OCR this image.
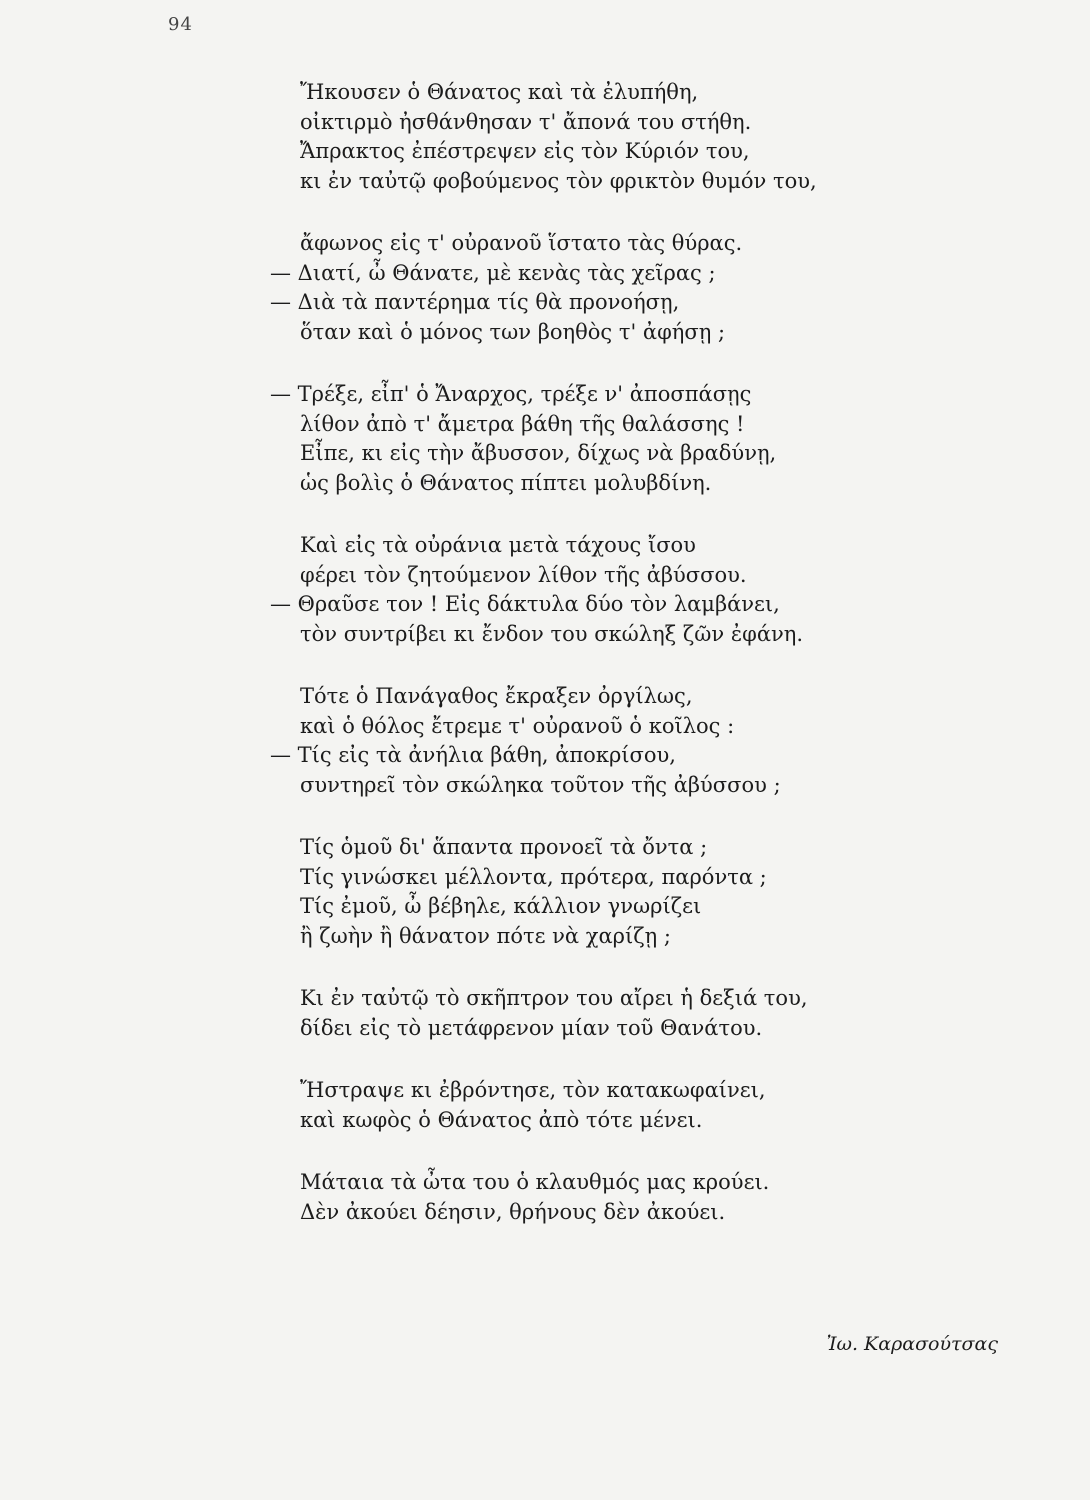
94
Ἤκουσεν ὁ Θάνατος καὶ τὰ ἐλυπήθη,
οἰκτιρμὸ ἠσθάνθησαν τ' ἄπονά του στήθη.
Ἄπρακτος ἐπέστρεψεν εἰς τὸν Κύριόν του,
κι ἐν ταὐτῷ φοβούμενος τὸν φρικτὸν θυμόν του,
ἄφωνος εἰς τ' οὐρανοῦ ἵστατο τὰς θύρας.
— Διατί, ὦ Θάνατε, μὲ κενὰς τὰς χεῖρας ;
— Διὰ τὰ παντέρημα τίς θὰ προνοήσῃ,
ὅταν καὶ ὁ μόνος των βοηθὸς τ' ἀφήσῃ ;
— Τρέξε, εἶπ' ὁ Ἄναρχος, τρέξε ν' ἀποσπάσῃς
λίθον ἀπὸ τ' ἄμετρα βάθη τῆς θαλάσσης !
Εἶπε, κι εἰς τὴν ἄβυσσον, δίχως νὰ βραδύνῃ,
ὡς βολὶς ὁ Θάνατος πίπτει μολυβδίνη.
Καὶ εἰς τὰ οὐράνια μετὰ τάχους ἴσου
φέρει τὸν ζητούμενον λίθον τῆς ἀβύσσου.
— Θραῦσε τον ! Εἰς δάκτυλα δύο τὸν λαμβάνει,
τὸν συντρίβει κι ἔνδον του σκώληξ ζῶν ἐφάνη.
Τότε ὁ Πανάγαθος ἔκραξεν ὀργίλως,
καὶ ὁ θόλος ἔτρεμε τ' οὐρανοῦ ὁ κοῖλος :
— Τίς εἰς τὰ ἀνήλια βάθη, ἀποκρίσου,
συντηρεῖ τὸν σκώληκα τοῦτον τῆς ἀβύσσου ;
Τίς ὁμοῦ δι' ἅπαντα προνοεῖ τὰ ὄντα ;
Τίς γινώσκει μέλλοντα, πρότερα, παρόντα ;
Τίς ἐμοῦ, ὦ βέβηλε, κάλλιον γνωρίζει
ἢ ζωὴν ἢ θάνατον πότε νὰ χαρίζῃ ;
Κι ἐν ταὐτῷ τὸ σκῆπτρον του αἴρει ἡ δεξιά του,
δίδει εἰς τὸ μετάφρενον μίαν τοῦ Θανάτου.
Ἤστραψε κι ἐβρόντησε, τὸν κατακωφαίνει,
καὶ κωφὸς ὁ Θάνατος ἀπὸ τότε μένει.
Μάταια τὰ ὦτα του ὁ κλαυθμός μας κρούει.
Δὲν ἀκούει δέησιν, θρήνους δὲν ἀκούει.
Ἰω. Καρασούτσας
